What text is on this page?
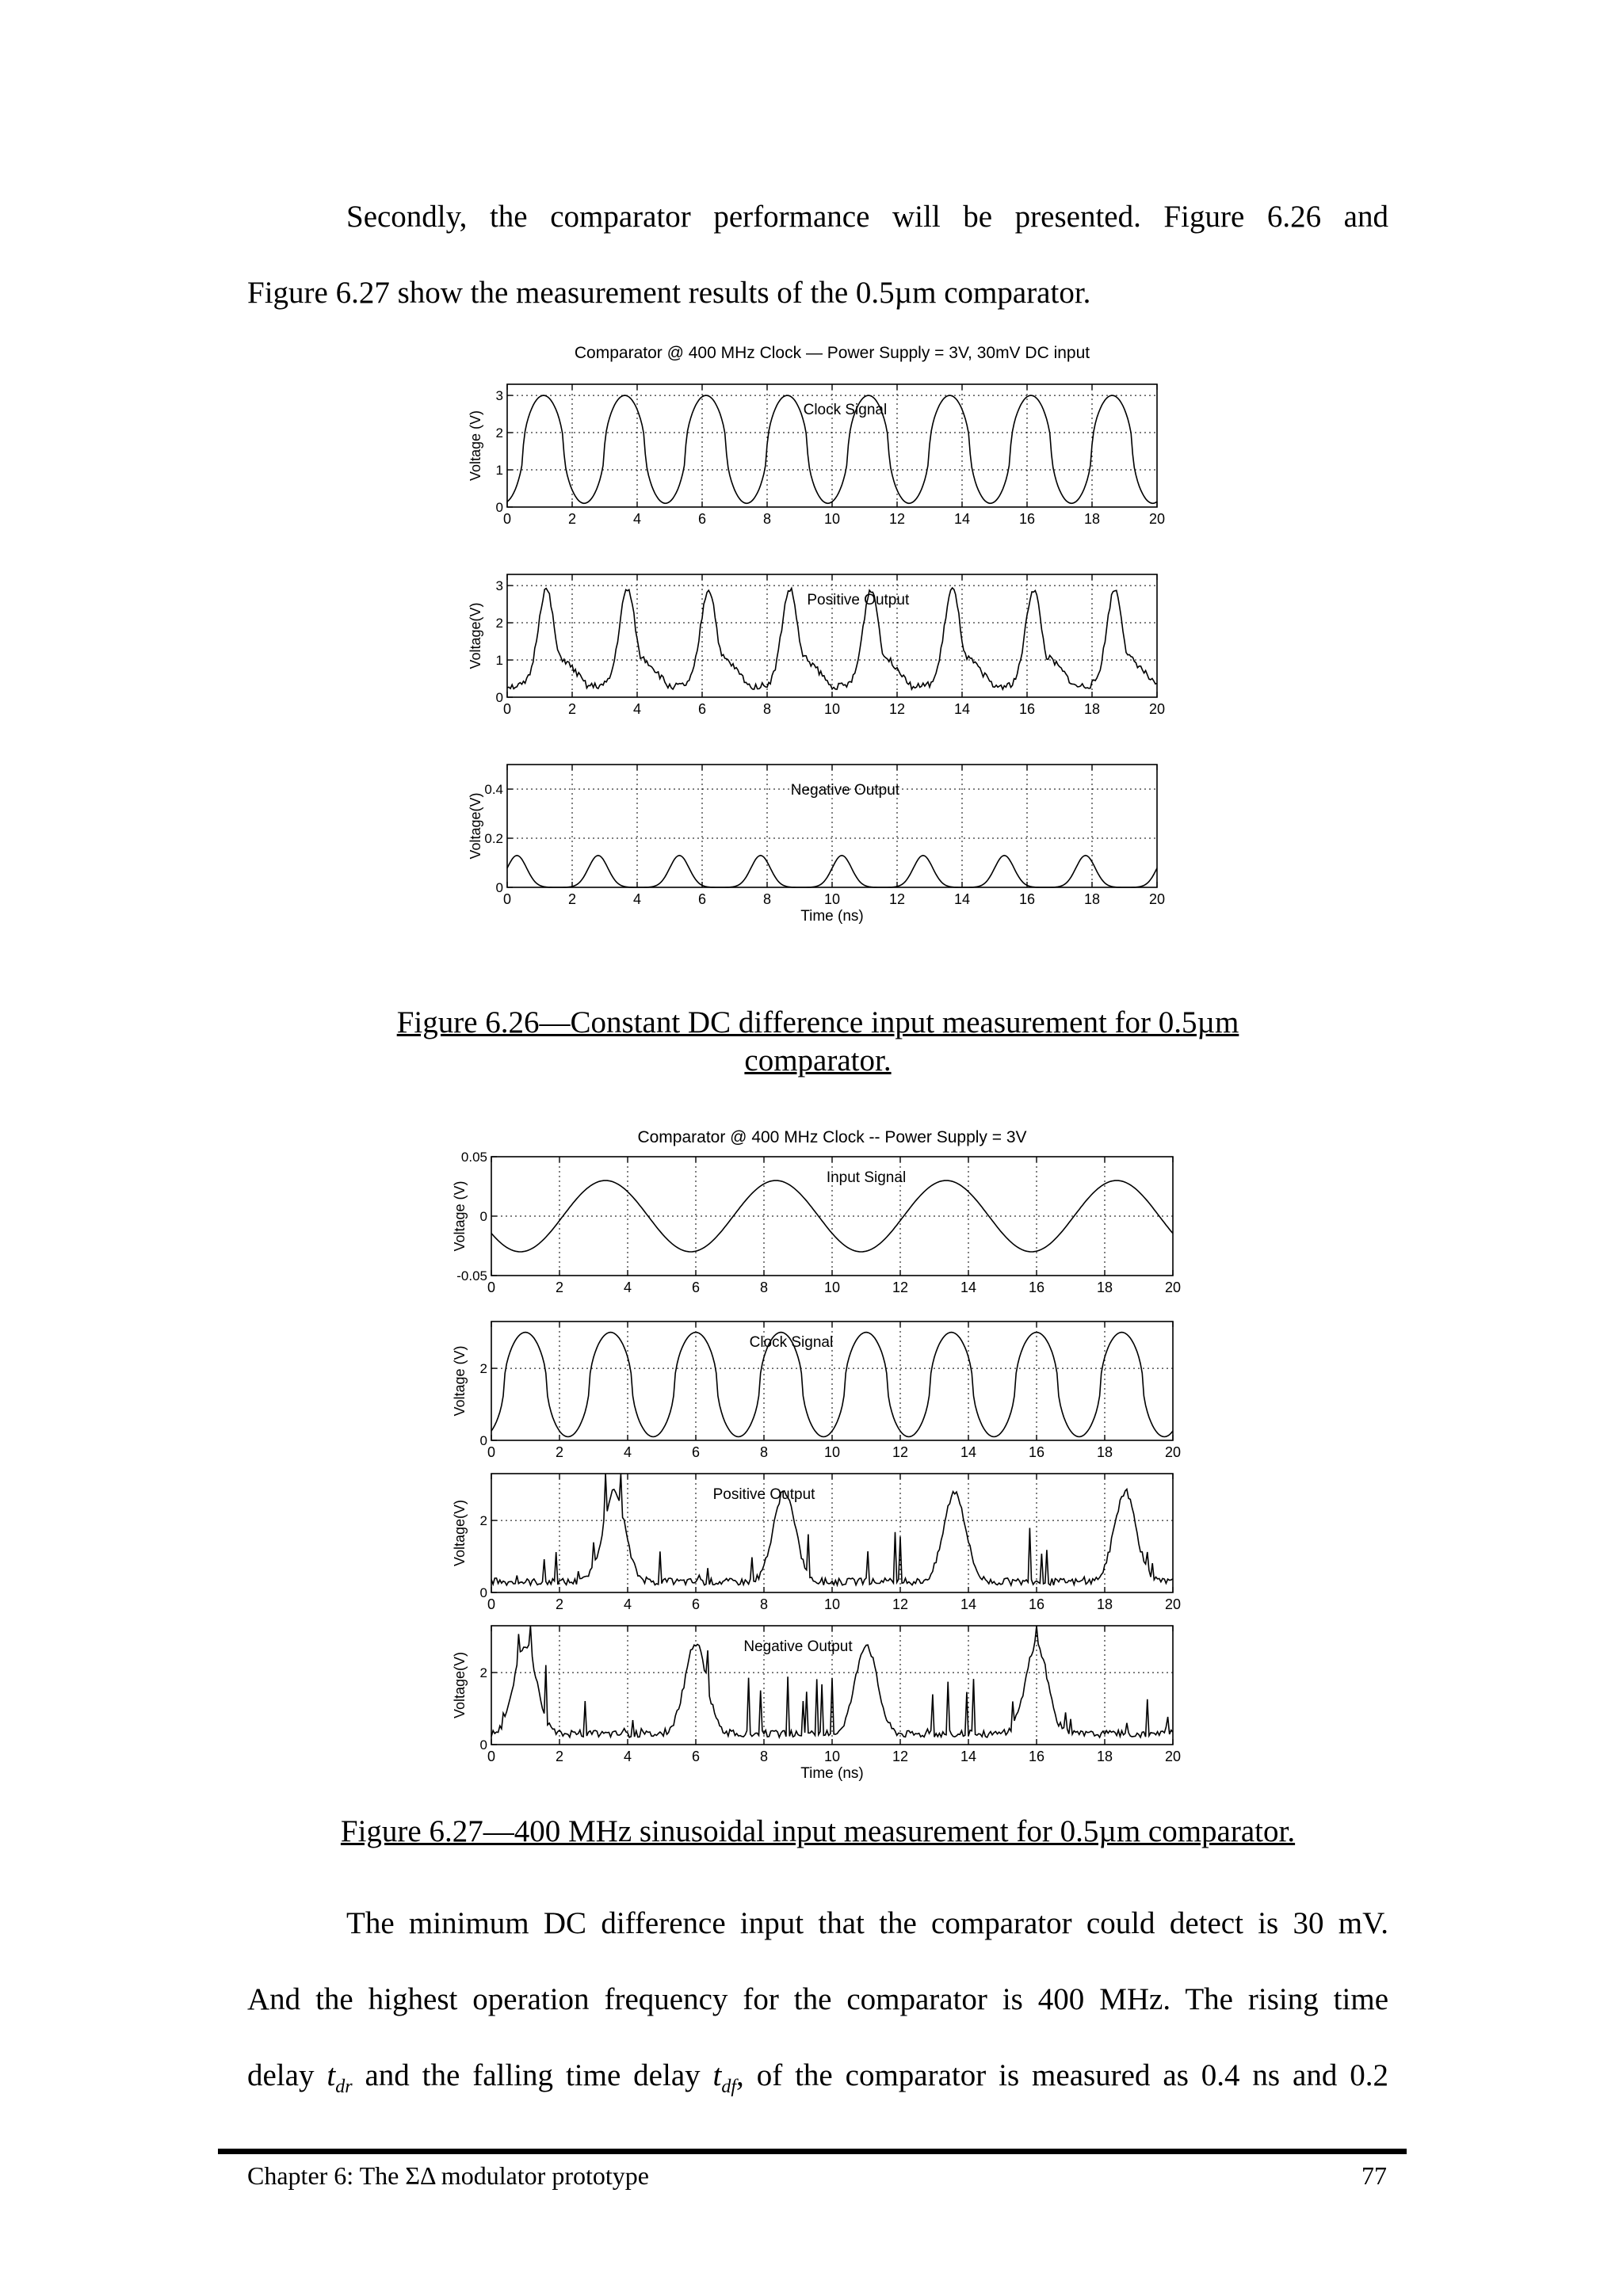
Secondly, the comparator performance will be presented. Figure 6.26 and
Figure 6.27 show the measurement results of the 0.5µm comparator.

Comparator @ 400 MHz Clock — Power Supply = 3V, 30mV DC input
0	2	4	6	8	10	12	14	16	18	20
0
1
2
3
Voltage (V)
Clock Signal
0	2	4	6	8	10	12	14	16	18	20
0
1
2
3
Voltage(V)
Positive Output
0	2	4	6	8	10	12	14	16	18	20
0
0.2
0.4
Voltage(V)
Negative Output
Time (ns)

Figure 6.26—Constant DC difference input measurement for 0.5µm
comparator.

Comparator @ 400 MHz Clock -- Power Supply = 3V
0	2	4	6	8	10	12	14	16	18	20
-0.05
0
0.05
Voltage (V)
Input Signal
0	2	4	6	8	10	12	14	16	18	20
0
2
Voltage (V)
Clock Signal
0	2	4	6	8	10	12	14	16	18	20
0
2
Voltage(V)
Positive Output
0	2	4	6	8	10	12	14	16	18	20
0
2
Voltage(V)
Negative Output
Time (ns)

Figure 6.27—400 MHz sinusoidal input measurement for 0.5µm comparator.

The minimum DC difference input that the comparator could detect is 30 mV.
And the highest operation frequency for the comparator is 400 MHz. The rising time
delay $t_{dr}$ and the falling time delay $t_{df}$, of the comparator is measured as 0.4 ns and 0.2

Chapter 6: The ΣΔ modulator prototype	77
